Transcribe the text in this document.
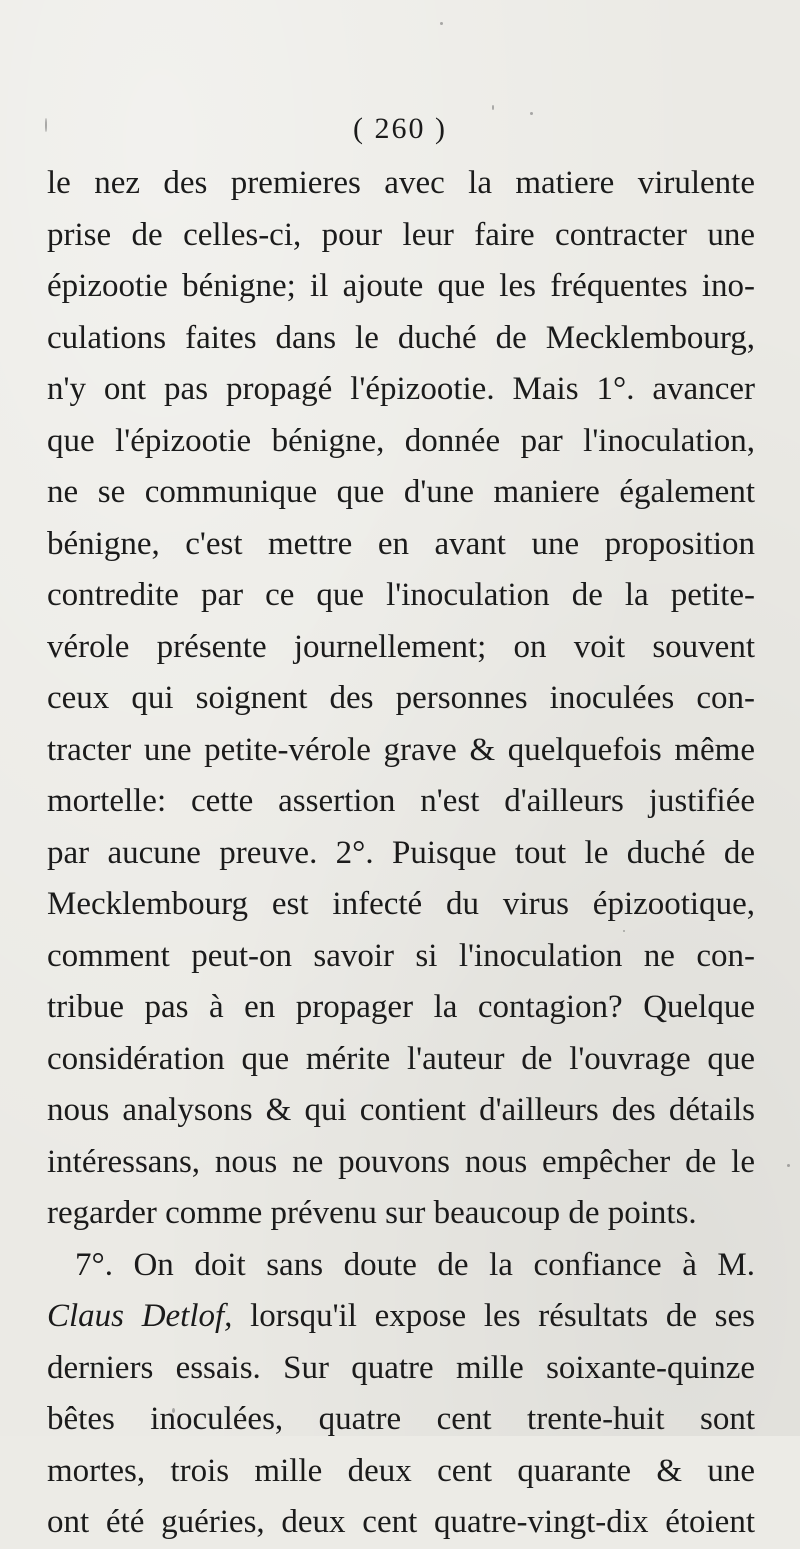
( 260 )
le nez des premieres avec la matiere virulente
prise de celles-ci, pour leur faire contracter une
épizootie bénigne; il ajoute que les fréquentes ino-
culations faites dans le duché de Mecklembourg,
n'y ont pas propagé l'épizootie. Mais 1°. avancer
que l'épizootie bénigne, donnée par l'inoculation,
ne se communique que d'une maniere également
bénigne, c'est mettre en avant une proposition
contredite par ce que l'inoculation de la petite-
vérole présente journellement; on voit souvent
ceux qui soignent des personnes inoculées con-
tracter une petite-vérole grave & quelquefois même
mortelle: cette assertion n'est d'ailleurs justifiée
par aucune preuve. 2°. Puisque tout le duché de
Mecklembourg est infecté du virus épizootique,
comment peut-on savoir si l'inoculation ne con-
tribue pas à en propager la contagion? Quelque
considération que mérite l'auteur de l'ouvrage que
nous analysons & qui contient d'ailleurs des détails
intéressans, nous ne pouvons nous empêcher de le
regarder comme prévenu sur beaucoup de points.
7°. On doit sans doute de la confiance à M.
Claus Detlof, lorsqu'il expose les résultats de ses
derniers essais. Sur quatre mille soixante-quinze
bêtes inoculées, quatre cent trente-huit sont
mortes, trois mille deux cent quarante & une
ont été guéries, deux cent quatre-vingt-dix étoient
